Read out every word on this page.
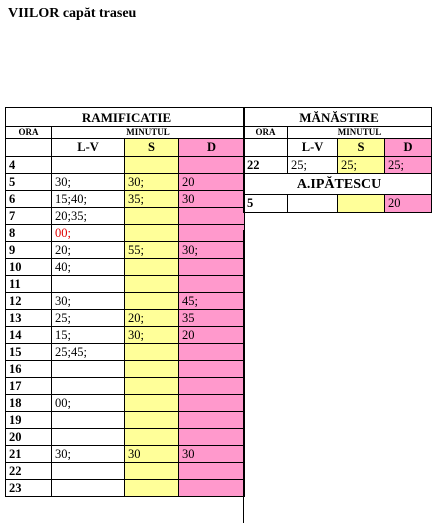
VIILOR capăt traseu
RAMIFICATIE			
ORA	MINUTUL		
	L-V	S	D
4			
5	30;	30;	20
6	15;40;	35;	30
7	20;35;		
8	00;		
9	20;	55;	30;
10	40;		
11			
12	30;		45;
13	25;	20;	35
14	15;	30;	20
15	25;45;		
16			
17			
18	00;		
19			
20			
21	30;	30	30
22			
23			
MĂNĂSTIRE			
ORA	MINUTUL		
	L-V	S	D
22	25;	25;	25;
A.IPĂTESCU			
5			20
